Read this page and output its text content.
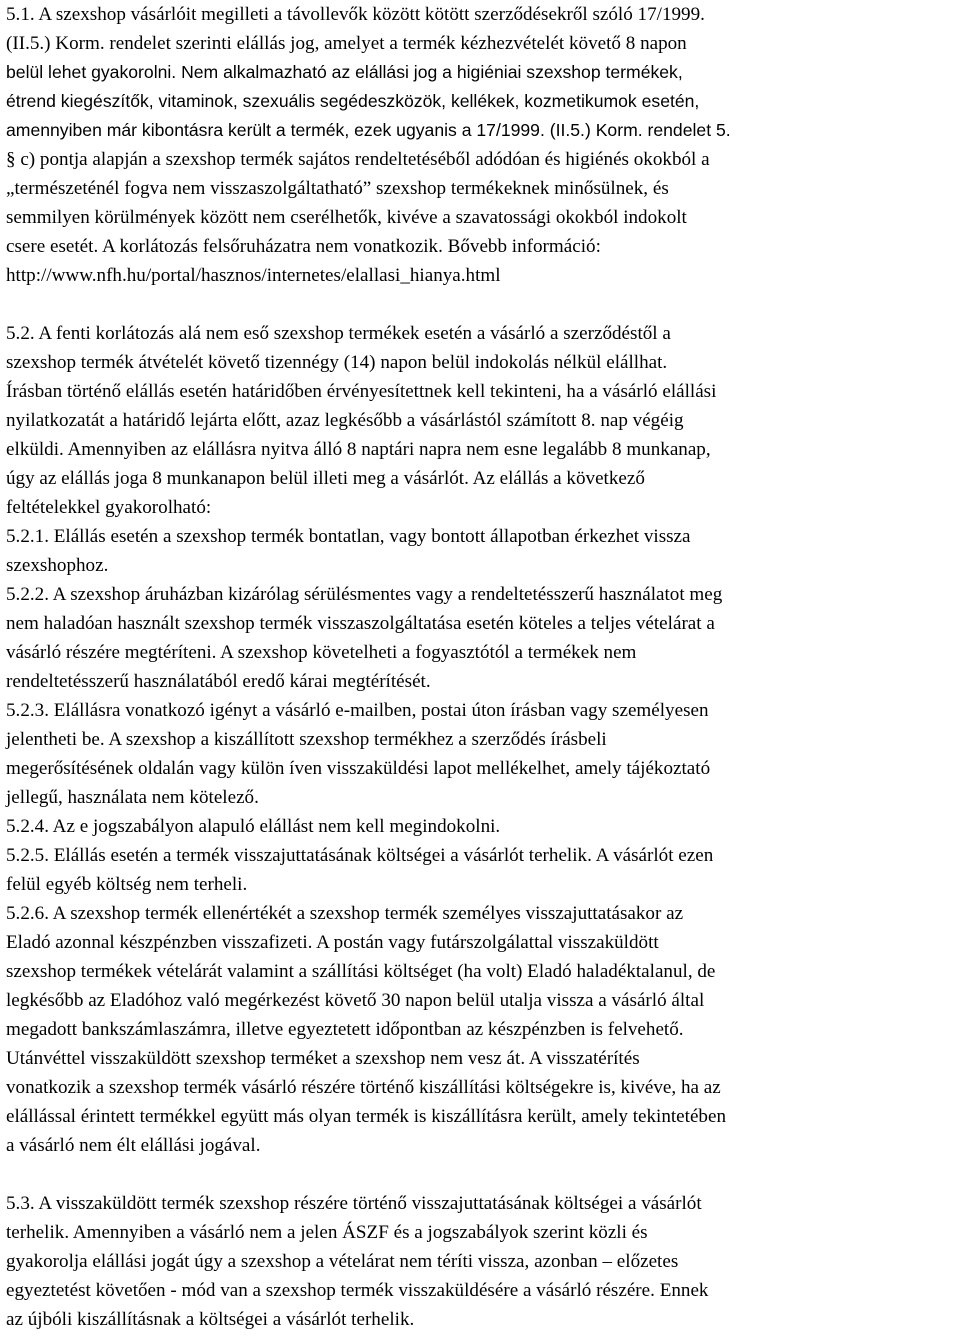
5.1. A szexshop vásárlóit megilleti a távollevők között kötött szerződésekről szóló 17/1999.
(II.5.) Korm. rendelet szerinti elállás jog, amelyet a termék kézhezvételét követő 8 napon
belül lehet gyakorolni. Nem alkalmazható az elállási jog a higiéniai szexshop termékek,
étrend kiegészítők, vitaminok, szexuális segédeszközök, kellékek, kozmetikumok esetén,
amennyiben már kibontásra került a termék, ezek ugyanis a 17/1999. (II.5.) Korm. rendelet 5.
§ c) pontja alapján a szexshop termék sajátos rendeltetéséből adódóan és higiénés okokból a
„természeténél fogva nem visszaszolgáltatható” szexshop termékeknek minősülnek, és
semmilyen körülmények között nem cserélhetők, kivéve a szavatossági okokból indokolt
csere esetét. A korlátozás felsőruházatra nem vonatkozik. Bővebb információ:
http://www.nfh.hu/portal/hasznos/internetes/elallasi_hianya.html
5.2. A fenti korlátozás alá nem eső szexshop termékek esetén a vásárló a szerződéstől a
szexshop termék átvételét követő tizennégy (14) napon belül indokolás nélkül elállhat.
Írásban történő elállás esetén határidőben érvényesítettnek kell tekinteni, ha a vásárló elállási
nyilatkozatát a határidő lejárta előtt, azaz legkésőbb a vásárlástól számított 8. nap végéig
elküldi. Amennyiben az elállásra nyitva álló 8 naptári napra nem esne legalább 8 munkanap,
úgy az elállás joga 8 munkanapon belül illeti meg a vásárlót. Az elállás a következő
feltételekkel gyakorolható:
5.2.1. Elállás esetén a szexshop termék bontatlan, vagy bontott állapotban érkezhet vissza
szexshophoz.
5.2.2. A szexshop áruházban kizárólag sérülésmentes vagy a rendeltetésszerű használatot meg
nem haladóan használt szexshop termék visszaszolgáltatása esetén köteles a teljes vételárat a
vásárló részére megtéríteni. A szexshop követelheti a fogyasztótól a termékek nem
rendeltetésszerű használatából eredő kárai megtérítését.
5.2.3. Elállásra vonatkozó igényt a vásárló e-mailben, postai úton írásban vagy személyesen
jelentheti be. A szexshop a kiszállított szexshop termékhez a szerződés írásbeli
megerősítésének oldalán vagy külön íven visszaküldési lapot mellékelhet, amely tájékoztató
jellegű, használata nem kötelező.
5.2.4. Az e jogszabályon alapuló elállást nem kell megindokolni.
5.2.5. Elállás esetén a termék visszajuttatásának költségei a vásárlót terhelik. A vásárlót ezen
felül egyéb költség nem terheli.
5.2.6. A szexshop termék ellenértékét a szexshop termék személyes visszajuttatásakor az
Eladó azonnal készpénzben visszafizeti. A postán vagy futárszolgálattal visszaküldött
szexshop termékek vételárát valamint a szállítási költséget (ha volt) Eladó haladéktalanul, de
legkésőbb az Eladóhoz való megérkezést követő 30 napon belül utalja vissza a vásárló által
megadott bankszámlaszámra, illetve egyeztetett időpontban az készpénzben is felvehető.
Utánvéttel visszaküldött szexshop terméket a szexshop nem vesz át. A visszatérítés
vonatkozik a szexshop termék vásárló részére történő kiszállítási költségekre is, kivéve, ha az
elállással érintett termékkel együtt más olyan termék is kiszállításra került, amely tekintetében
a vásárló nem élt elállási jogával.
5.3. A visszaküldött termék szexshop részére történő visszajuttatásának költségei a vásárlót
terhelik. Amennyiben a vásárló nem a jelen ÁSZF és a jogszabályok szerint közli és
gyakorolja elállási jogát úgy a szexshop a vételárat nem téríti vissza, azonban – előzetes
egyeztetést követően - mód van a szexshop termék visszaküldésére a vásárló részére. Ennek
az újbóli kiszállításnak a költségei a vásárlót terhelik.
